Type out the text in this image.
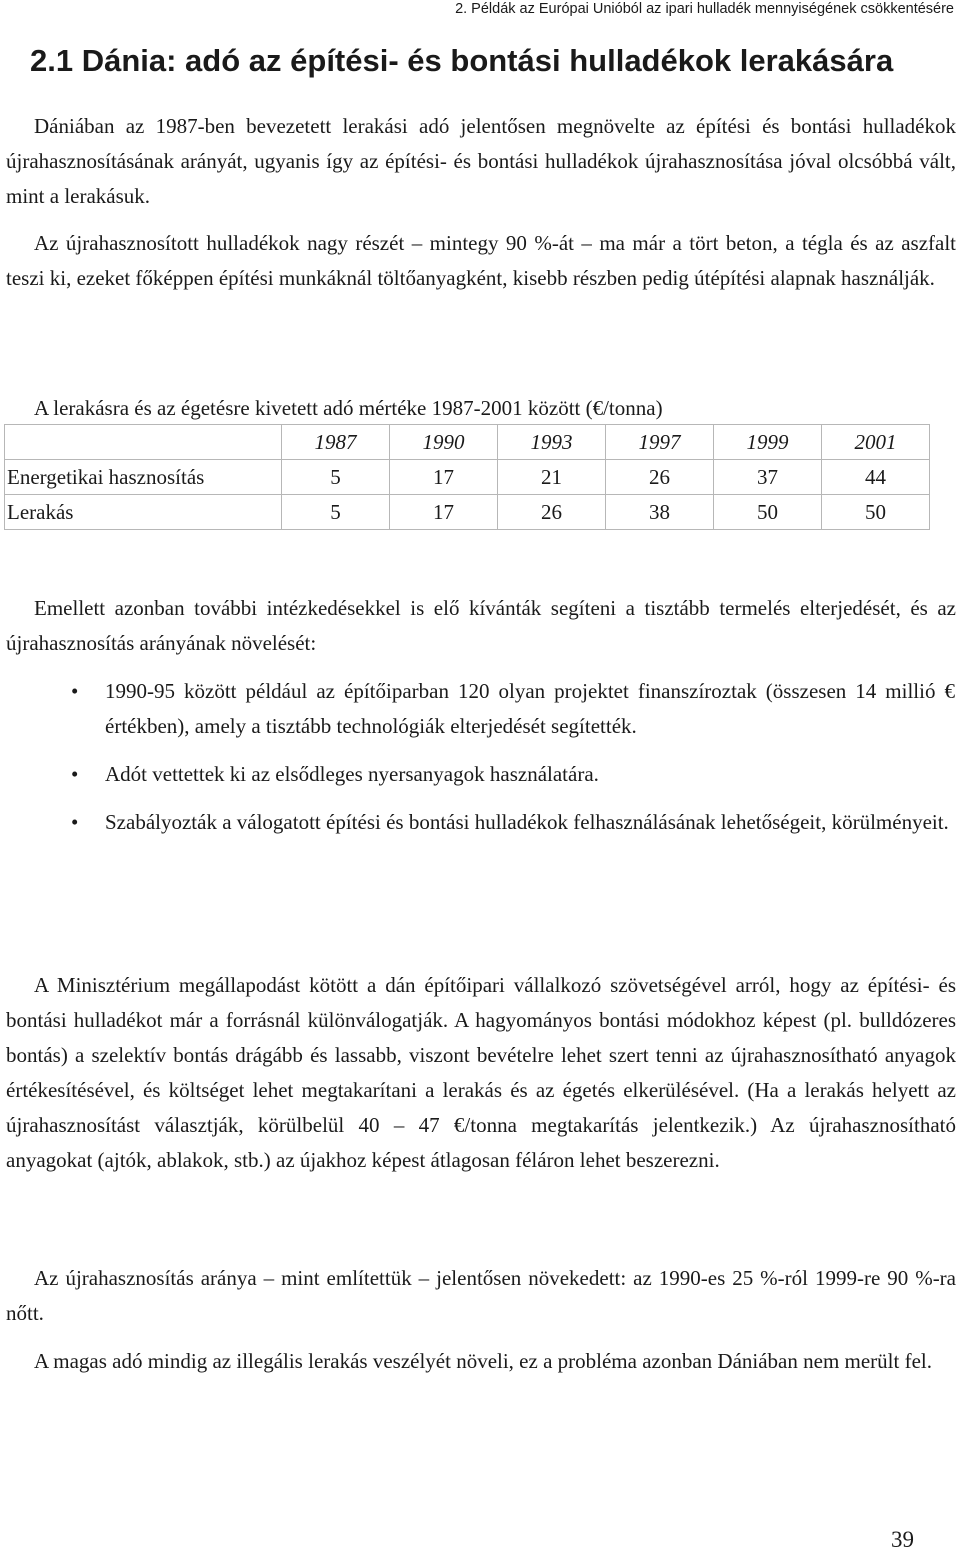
2. Példák az Európai Unióból az ipari hulladék mennyiségének csökkentésére
2.1 Dánia: adó az építési- és bontási hulladékok lerakására

Dániában az 1987-ben bevezetett lerakási adó jelentősen megnövelte az építési és bontási hulladékok újrahasznosításának arányát, ugyanis így az építési- és bontási hulladékok újrahasznosítása jóval olcsóbbá vált, mint a lerakásuk.

Az újrahasznosított hulladékok nagy részét – mintegy 90 %-át – ma már a tört beton, a tégla és az aszfalt teszi ki, ezeket főképpen építési munkáknál töltőanyagként, kisebb részben pedig útépítési alapnak használják.

A lerakásra és az égetésre kivetett adó mértéke 1987-2001 között (€/tonna)
	1987	1990	1993	1997	1999	2001
Energetikai hasznosítás	5	17	21	26	37	44
Lerakás	5	17	26	38	50	50

Emellett azonban további intézkedésekkel is elő kívánták segíteni a tisztább termelés elterjedését, és az újrahasznosítás arányának növelését:

• 1990-95 között például az építőiparban 120 olyan projektet finanszíroztak (összesen 14 millió € értékben), amely a tisztább technológiák elterjedését segítették.
• Adót vettettek ki az elsődleges nyersanyagok használatára.
• Szabályozták a válogatott építési és bontási hulladékok felhasználásának lehetőségeit, körülményeit.

A Minisztérium megállapodást kötött a dán építőipari vállalkozó szövetségével arról, hogy az építési- és bontási hulladékot már a forrásnál különválogatják. A hagyományos bontási módokhoz képest (pl. bulldózeres bontás) a szelektív bontás drágább és lassabb, viszont bevételre lehet szert tenni az újrahasznosítható anyagok értékesítésével, és költséget lehet megtakarítani a lerakás és az égetés elkerülésével. (Ha a lerakás helyett az újrahasznosítást választják, körülbelül 40 – 47 €/tonna megtakarítás jelentkezik.) Az újrahasznosítható anyagokat (ajtók, ablakok, stb.) az újakhoz képest átlagosan féláron lehet beszerezni.

Az újrahasznosítás aránya – mint említettük – jelentősen növekedett: az 1990-es 25 %-ról 1999-re 90 %-ra nőtt.

A magas adó mindig az illegális lerakás veszélyét növeli, ez a probléma azonban Dániában nem merült fel.

39
